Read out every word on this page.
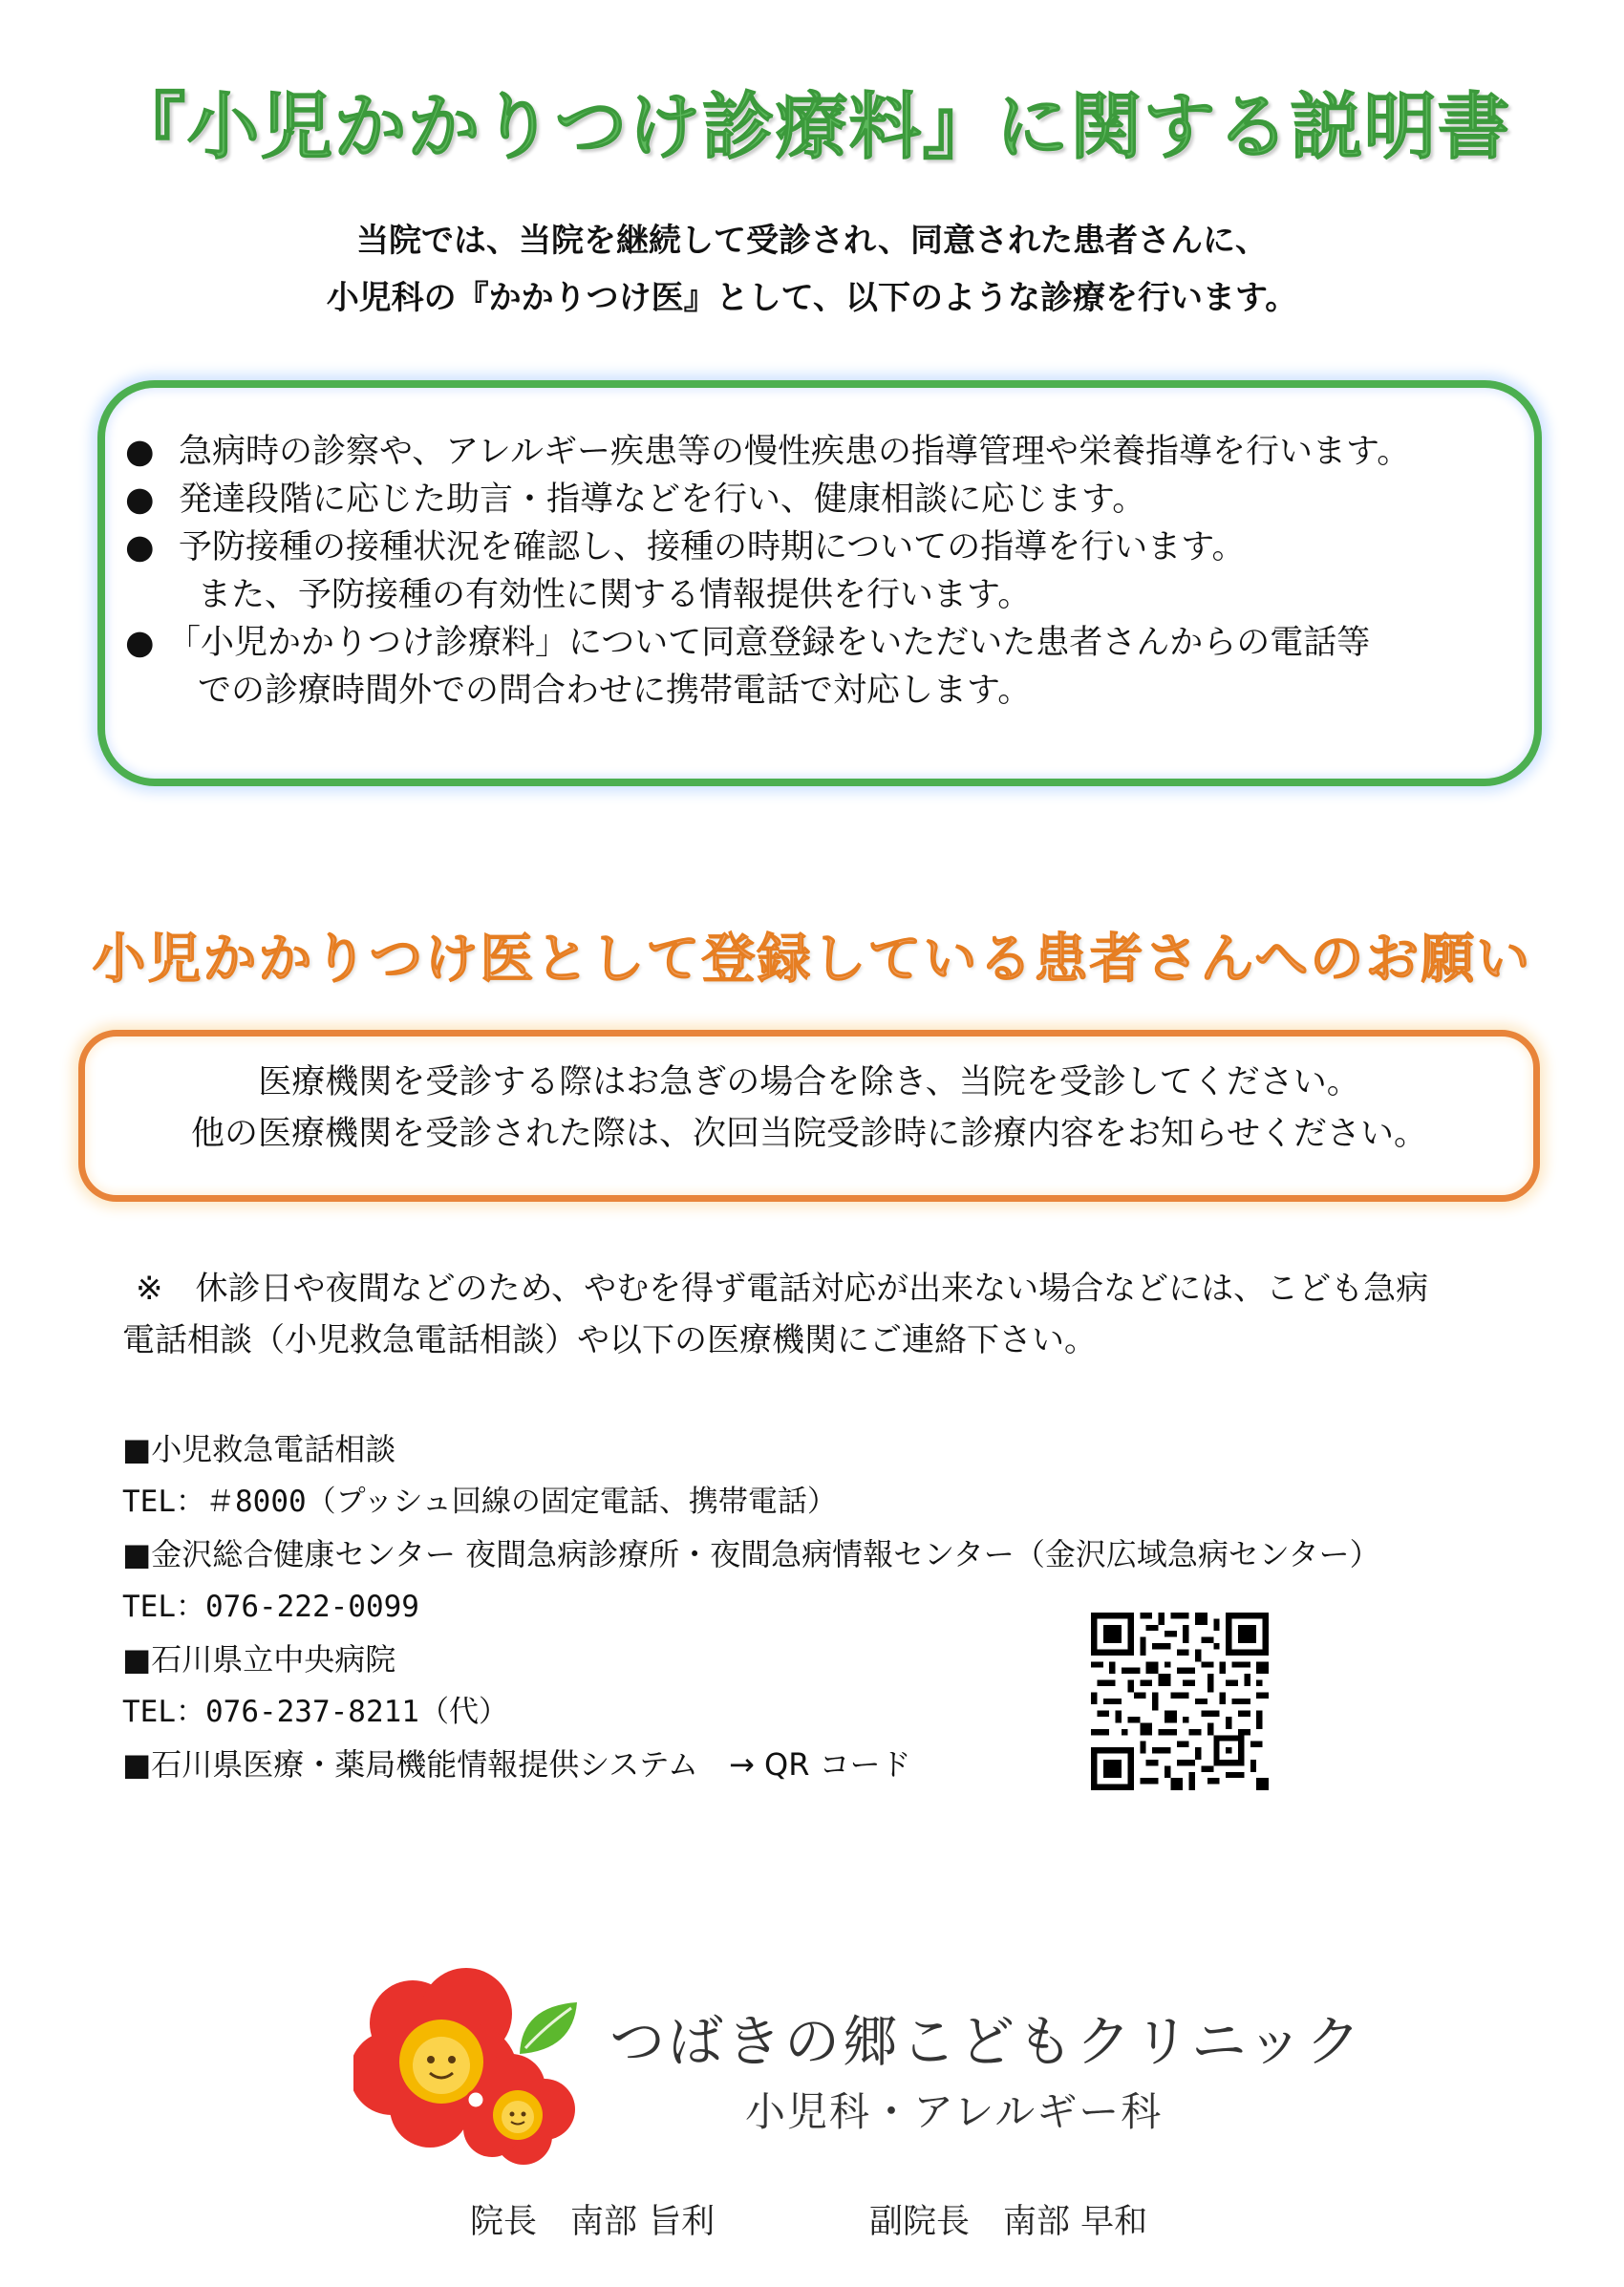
『小児かかりつけ診療料』に関する説明書
当院では、当院を継続して受診され、同意された患者さんに、
小児科の『かかりつけ医』として、以下のような診療を行います。
● 急病時の診察や、アレルギー疾患等の慢性疾患の指導管理や栄養指導を行います。
● 発達段階に応じた助言・指導などを行い、健康相談に応じます。
● 予防接種の接種状況を確認し、接種の時期についての指導を行います。
また、予防接種の有効性に関する情報提供を行います。
● 「小児かかりつけ診療料」について同意登録をいただいた患者さんからの電話等
での診療時間外での問合わせに携帯電話で対応します。
小児かかりつけ医として登録している患者さんへのお願い
医療機関を受診する際はお急ぎの場合を除き、当院を受診してください。
他の医療機関を受診された際は、次回当院受診時に診療内容をお知らせください。
※　休診日や夜間などのため、やむを得ず電話対応が出来ない場合などには、こども急病
電話相談（小児救急電話相談）や以下の医療機関にご連絡下さい。
■小児救急電話相談
TEL：＃8000（プッシュ回線の固定電話、携帯電話）
■金沢総合健康センター 夜間急病診療所・夜間急病情報センター（金沢広域急病センター）
TEL：076-222-0099
■石川県立中央病院
TEL：076-237-8211（代）
■石川県医療・薬局機能情報提供システム　→ QR コード
つばきの郷こどもクリニック
小児科・アレルギー科
院長　南部 旨利	副院長　南部 早和
